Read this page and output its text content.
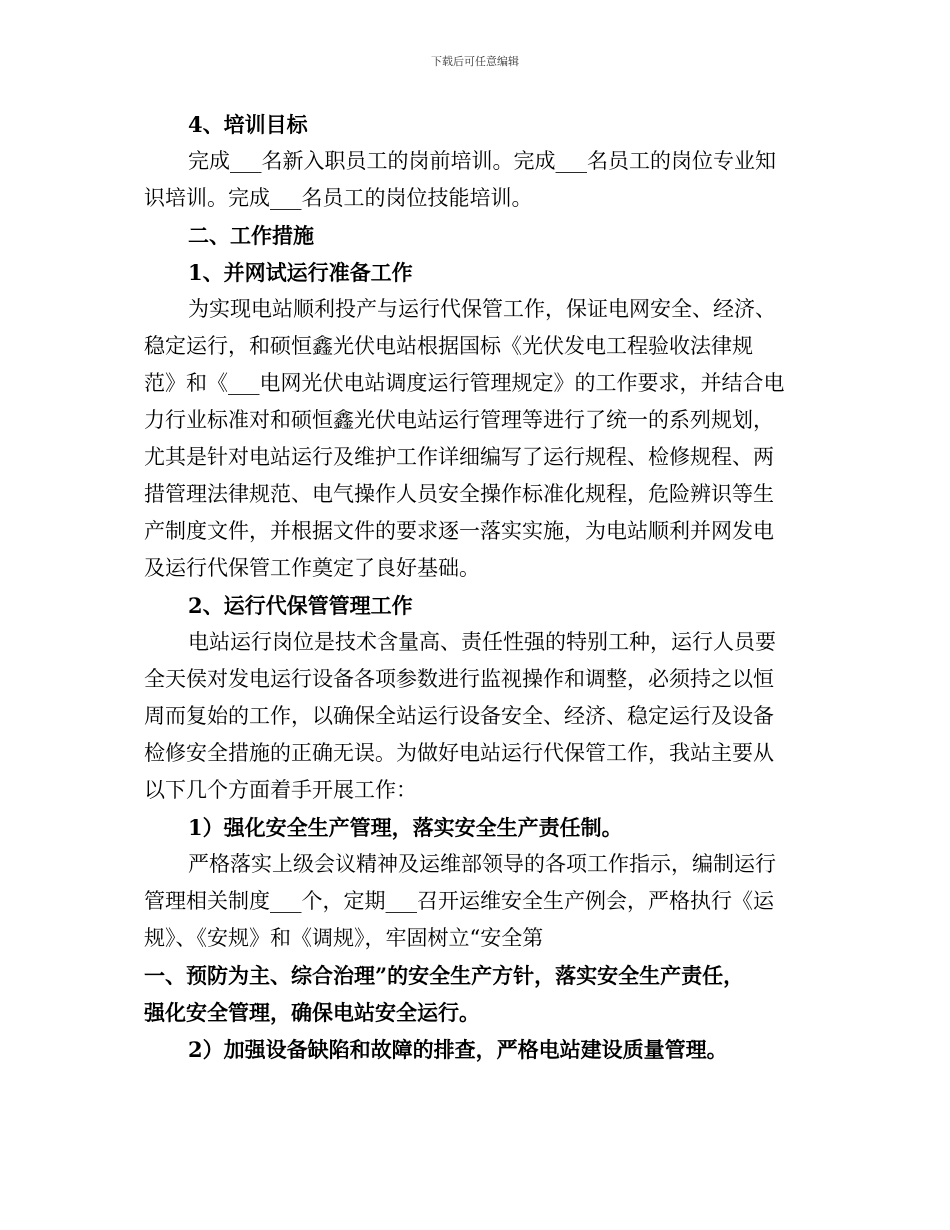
下载后可任意编辑
4、培训目标
完成___名新入职员工的岗前培训。完成___名员工的岗位专业知
识培训。完成___名员工的岗位技能培训。
二、工作措施
1、并网试运行准备工作
为实现电站顺利投产与运行代保管工作，保证电网安全、经济、
稳定运行，和硕恒鑫光伏电站根据国标《光伏发电工程验收法律规
范》和《___电网光伏电站调度运行管理规定》的工作要求，并结合电
力行业标准对和硕恒鑫光伏电站运行管理等进行了统一的系列规划，
尤其是针对电站运行及维护工作详细编写了运行规程、检修规程、两
措管理法律规范、电气操作人员安全操作标准化规程，危险辨识等生
产制度文件，并根据文件的要求逐一落实实施，为电站顺利并网发电
及运行代保管工作奠定了良好基础。
2、运行代保管管理工作
电站运行岗位是技术含量高、责任性强的特别工种，运行人员要
全天侯对发电运行设备各项参数进行监视操作和调整，必须持之以恒
周而复始的工作，以确保全站运行设备安全、经济、稳定运行及设备
检修安全措施的正确无误。为做好电站运行代保管工作，我站主要从
以下几个方面着手开展工作：
1）强化安全生产管理，落实安全生产责任制。
严格落实上级会议精神及运维部领导的各项工作指示，编制运行
管理相关制度___个，定期___召开运维安全生产例会，严格执行《运
规》、《安规》和《调规》，牢固树立“安全第
一、预防为主、综合治理”的安全生产方针，落实安全生产责任，
强化安全管理，确保电站安全运行。
2）加强设备缺陷和故障的排查，严格电站建设质量管理。
